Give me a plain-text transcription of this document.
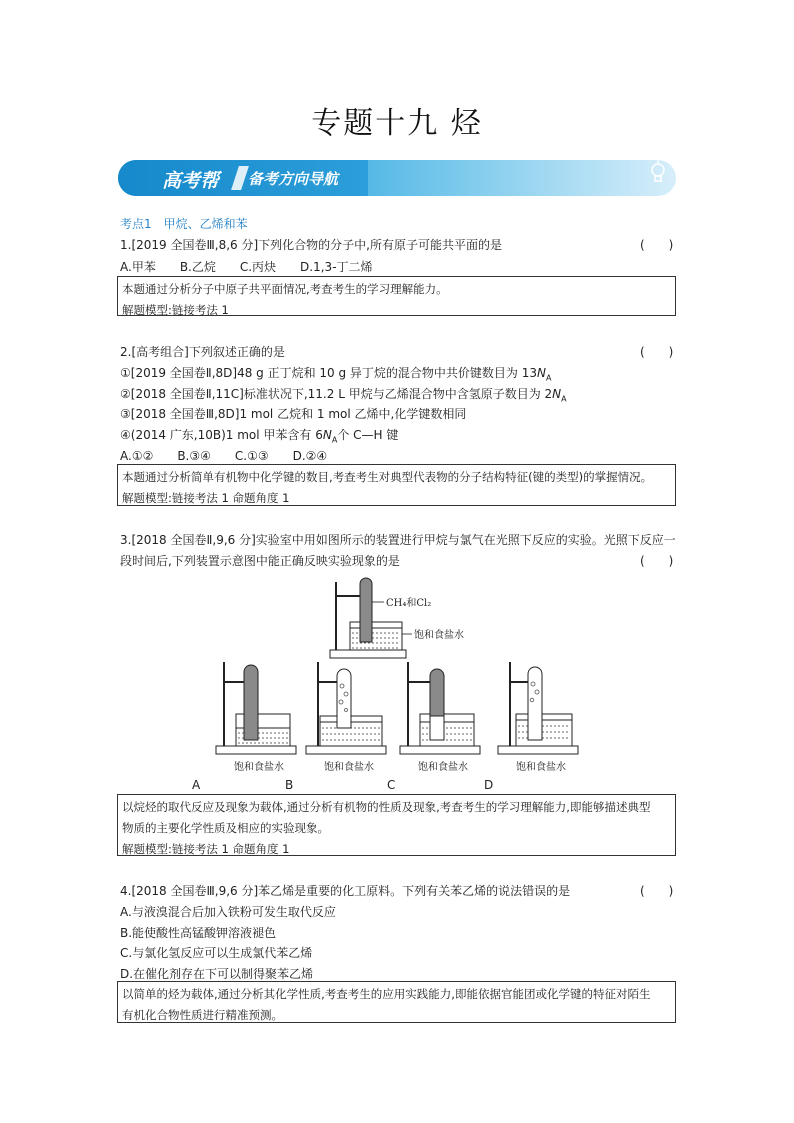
专题十九 烃
高考帮 备考方向导航
答案 » P
考点1　甲烷、乙烯和苯
1.[2019 全国卷Ⅲ,8,6 分]下列化合物的分子中,所有原子可能共平面的是	(　　)
A.甲苯　　B.乙烷　　C.丙炔　　D.1,3-丁二烯

本题通过分析分子中原子共平面情况,考查考生的学习理解能力。

解题模型:链接考法 1

2.[高考组合]下列叙述正确的是	(　　)
①[2019 全国卷Ⅱ,8D]48 g 正丁烷和 10 g 异丁烷的混合物中共价键数目为 $13N_A$
②[2018 全国卷Ⅱ,11C]标准状况下,11.2 L 甲烷与乙烯混合物中含氢原子数目为 $2N_A$
③[2018 全国卷Ⅲ,8D]1 mol 乙烷和 1 mol 乙烯中,化学键数相同
④(2014 广东,10B)1 mol 甲苯含有 $6N_A$个 C—H 键
A.①②　　B.③④　　C.①③　　D.②④

本题通过分析简单有机物中化学键的数目,考查考生对典型代表物的分子结构特征(键的类型)的掌握情况。

解题模型:链接考法 1 命题角度 1

3.[2018 全国卷Ⅱ,9,6 分]实验室中用如图所示的装置进行甲烷与氯气在光照下反应的实验。光照下反应一
段时间后,下列装置示意图中能正确反映实验现象的是	(　　)
CH₄和Cl₂
饱和食盐水
饱和食盐水	饱和食盐水	饱和食盐水	饱和食盐水
A	B	C	D

以烷烃的取代反应及现象为载体,通过分析有机物的性质及现象,考查考生的学习理解能力,即能够描述典型

物质的主要化学性质及相应的实验现象。

解题模型:链接考法 1 命题角度 1

4.[2018 全国卷Ⅲ,9,6 分]苯乙烯是重要的化工原料。下列有关苯乙烯的说法错误的是	(　　)
A.与液溴混合后加入铁粉可发生取代反应
B.能使酸性高锰酸钾溶液褪色
C.与氯化氢反应可以生成氯代苯乙烯
D.在催化剂存在下可以制得聚苯乙烯

以简单的烃为载体,通过分析其化学性质,考查考生的应用实践能力,即能依据官能团或化学键的特征对陌生

有机化合物性质进行精准预测。
